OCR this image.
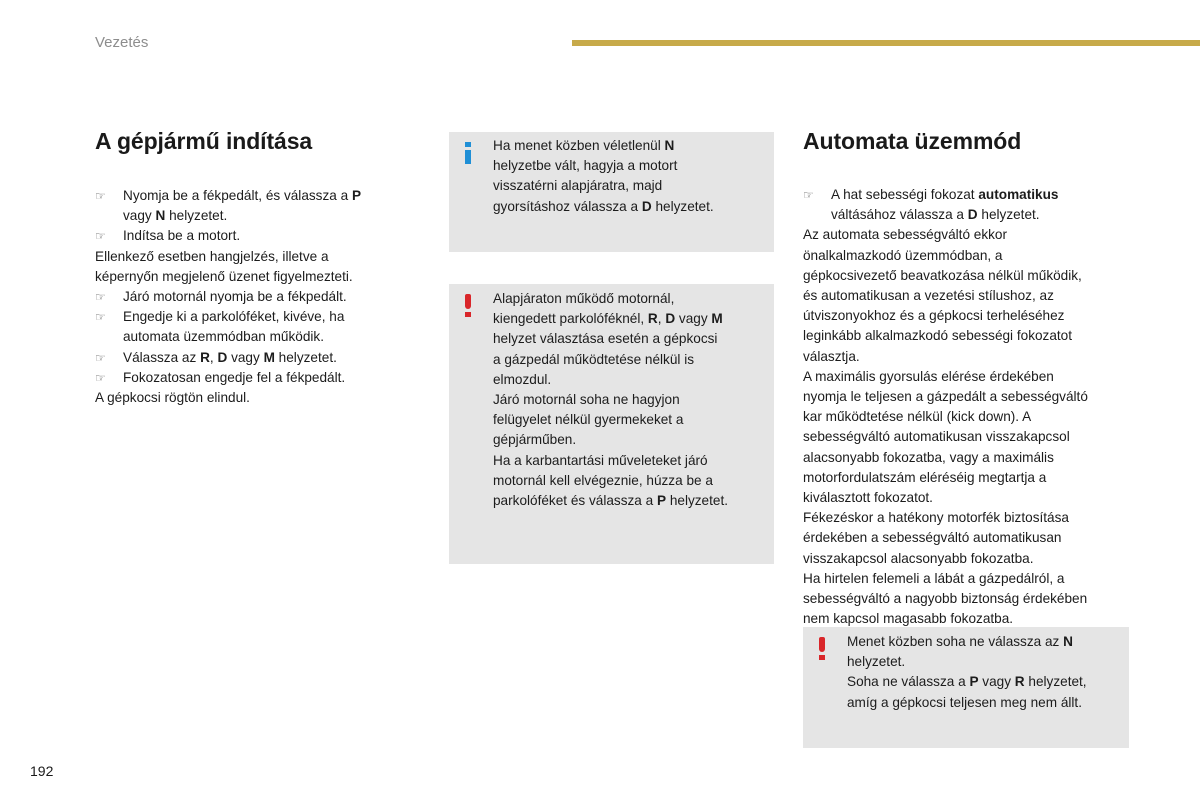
Vezetés
A gépjármű indítása
☞ Nyomja be a fékpedált, és válassza a P
vagy N helyzetet.
☞ Indítsa be a motort.
Ellenkező esetben hangjelzés, illetve a
képernyőn megjelenő üzenet figyelmezteti.
☞ Járó motornál nyomja be a fékpedált.
☞ Engedje ki a parkolóféket, kivéve, ha
automata üzemmódban működik.
☞ Válassza az R, D vagy M helyzetet.
☞ Fokozatosan engedje fel a fékpedált.
A gépkocsi rögtön elindul.
Ha menet közben véletlenül N
helyzetbe vált, hagyja a motort
visszatérni alapjáratra, majd
gyorsításhoz válassza a D helyzetet.
Alapjáraton működő motornál,
kiengedett parkolóféknél, R, D vagy M
helyzet választása esetén a gépkocsi
a gázpedál működtetése nélkül is
elmozdul.
Járó motornál soha ne hagyjon
felügyelet nélkül gyermekeket a
gépjárműben.
Ha a karbantartási műveleteket járó
motornál kell elvégeznie, húzza be a
parkolóféket és válassza a P helyzetet.
Automata üzemmód
☞ A hat sebességi fokozat automatikus
váltásához válassza a D helyzetet.
Az automata sebességváltó ekkor
önalkalmazkodó üzemmódban, a
gépkocsivezető beavatkozása nélkül működik,
és automatikusan a vezetési stílushoz, az
útviszonyokhoz és a gépkocsi terheléséhez
leginkább alkalmazkodó sebességi fokozatot
választja.
A maximális gyorsulás elérése érdekében
nyomja le teljesen a gázpedált a sebességváltó
kar működtetése nélkül (kick down). A
sebességváltó automatikusan visszakapcsol
alacsonyabb fokozatba, vagy a maximális
motorfordulatszám eléréséig megtartja a
kiválasztott fokozatot.
Fékezéskor a hatékony motorfék biztosítása
érdekében a sebességváltó automatikusan
visszakapcsol alacsonyabb fokozatba.
Ha hirtelen felemeli a lábát a gázpedálról, a
sebességváltó a nagyobb biztonság érdekében
nem kapcsol magasabb fokozatba.
Menet közben soha ne válassza az N
helyzetet.
Soha ne válassza a P vagy R helyzetet,
amíg a gépkocsi teljesen meg nem állt.
192
